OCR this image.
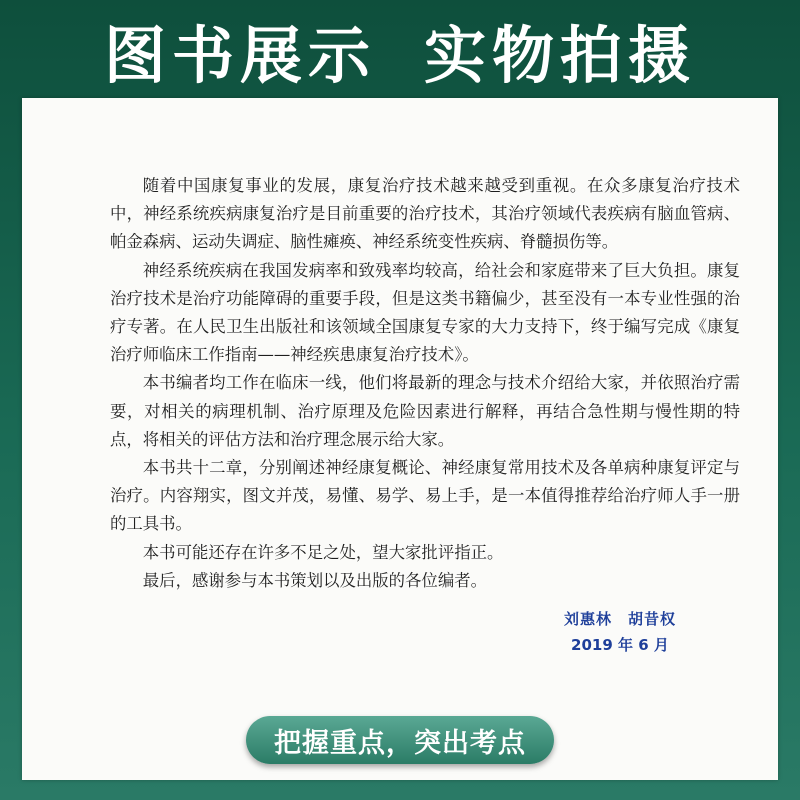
图书展示 实物拍摄

随着中国康复事业的发展，康复治疗技术越来越受到重视。在众多康复治疗技术中，神经系统疾病康复治疗是目前重要的治疗技术，其治疗领域代表疾病有脑血管病、帕金森病、运动失调症、脑性瘫痪、神经系统变性疾病、脊髓损伤等。

神经系统疾病在我国发病率和致残率均较高，给社会和家庭带来了巨大负担。康复治疗技术是治疗功能障碍的重要手段，但是这类书籍偏少，甚至没有一本专业性强的治疗专著。在人民卫生出版社和该领域全国康复专家的大力支持下，终于编写完成《康复治疗师临床工作指南——神经疾患康复治疗技术》。

本书编者均工作在临床一线，他们将最新的理念与技术介绍给大家，并依照治疗需要，对相关的病理机制、治疗原理及危险因素进行解释，再结合急性期与慢性期的特点，将相关的评估方法和治疗理念展示给大家。

本书共十二章，分别阐述神经康复概论、神经康复常用技术及各单病种康复评定与治疗。内容翔实，图文并茂，易懂、易学、易上手，是一本值得推荐给治疗师人手一册的工具书。

本书可能还存在许多不足之处，望大家批评指正。

最后，感谢参与本书策划以及出版的各位编者。

刘惠林 胡昔权
2019 年 6 月
把握重点，突出考点
